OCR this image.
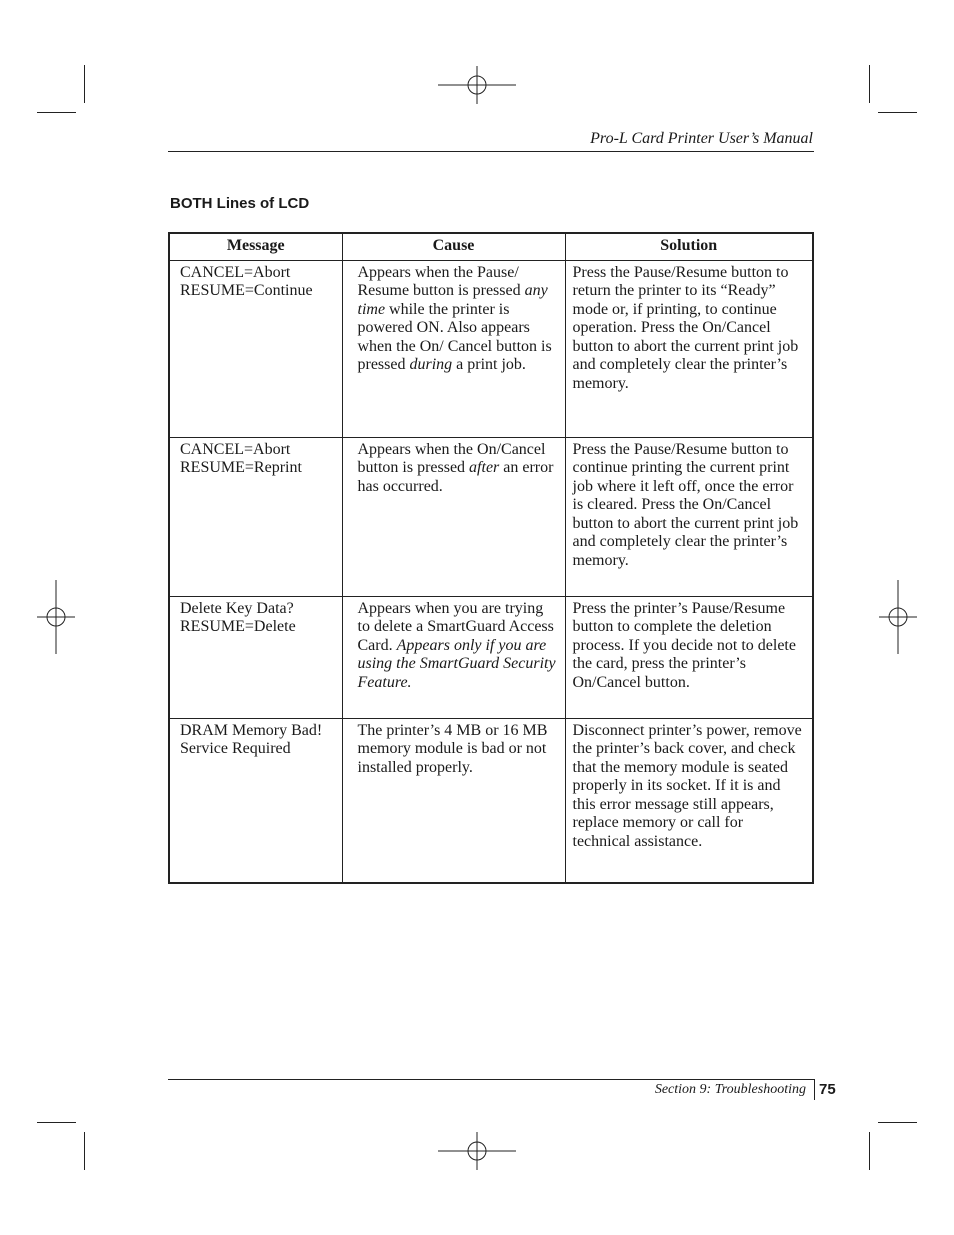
Pro-L Card Printer User’s Manual
BOTH Lines of LCD
Message	Cause	Solution

CANCEL=Abort
RESUME=Continue	Appears when the Pause/ Resume button is pressed any time while the printer is powered ON. Also appears when the On/ Cancel button is pressed during a print job.	Press the Pause/Resume button to return the printer to its “Ready” mode or, if printing, to continue operation. Press the On/Cancel button to abort the current print job and completely clear the printer’s memory.

CANCEL=Abort
RESUME=Reprint	Appears when the On/Cancel button is pressed after an error has occurred.	Press the Pause/Resume button to continue printing the current print job where it left off, once the error is cleared. Press the On/Cancel button to abort the current print job and completely clear the printer’s memory.

Delete Key Data?
RESUME=Delete	Appears when you are trying to delete a SmartGuard Access Card. Appears only if you are using the SmartGuard Security Feature.	Press the printer’s Pause/Resume button to complete the deletion process. If you decide not to delete the card, press the printer’s On/Cancel button.

DRAM Memory Bad!
Service Required	The printer’s 4 MB or 16 MB memory module is bad or not installed properly.	Disconnect printer’s power, remove the printer’s back cover, and check that the memory module is seated properly in its socket. If it is and this error message still appears, replace memory or call for technical assistance.
Section 9: Troubleshooting 75
